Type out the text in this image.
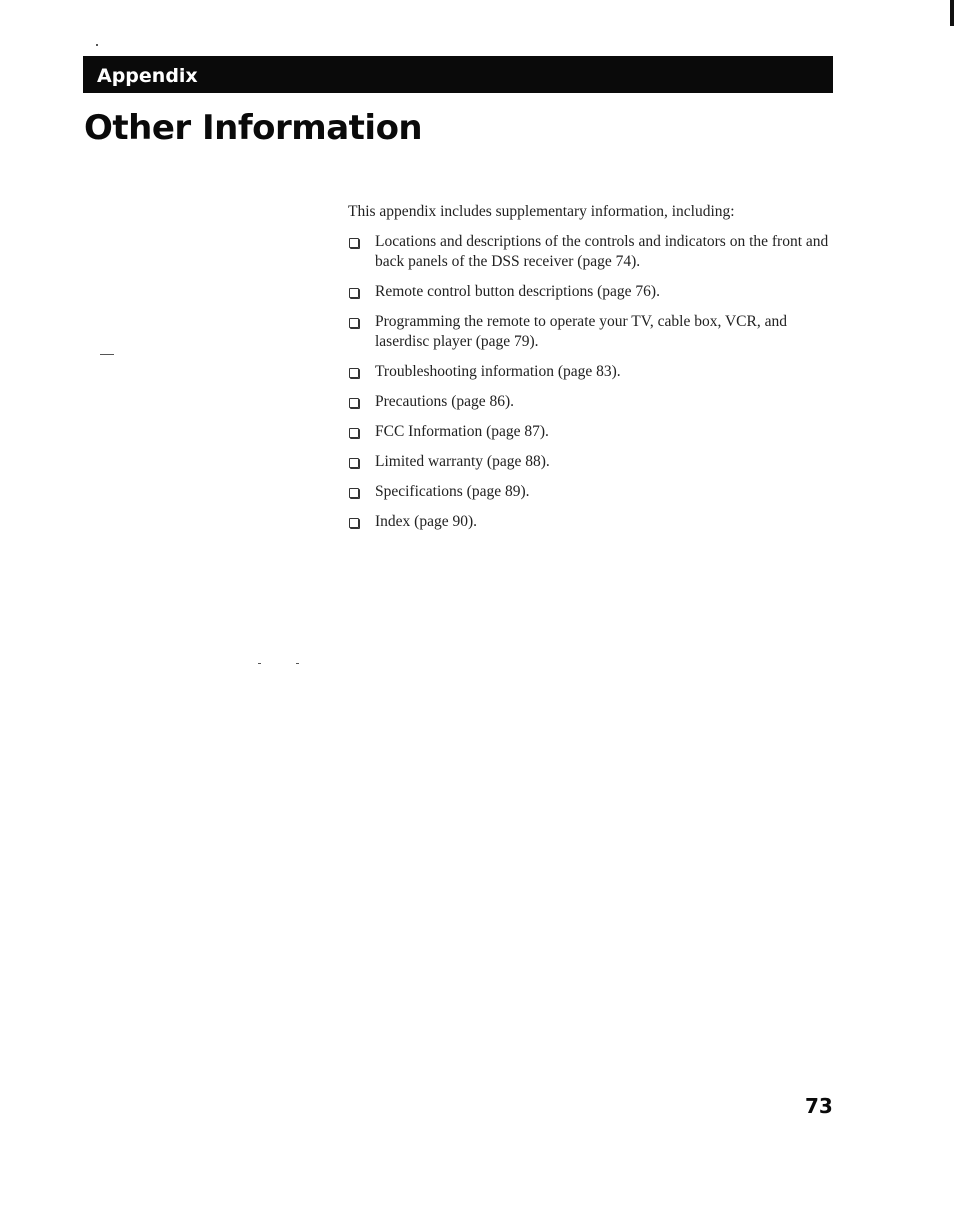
Appendix
Other Information

This appendix includes supplementary information, including:

Locations and descriptions of the controls and indicators on the front and back panels of the DSS receiver (page 74).
Remote control button descriptions (page 76).
Programming the remote to operate your TV, cable box, VCR, and laserdisc player (page 79).
Troubleshooting information (page 83).
Precautions (page 86).
FCC Information (page 87).
Limited warranty (page 88).
Specifications (page 89).
Index (page 90).
73
